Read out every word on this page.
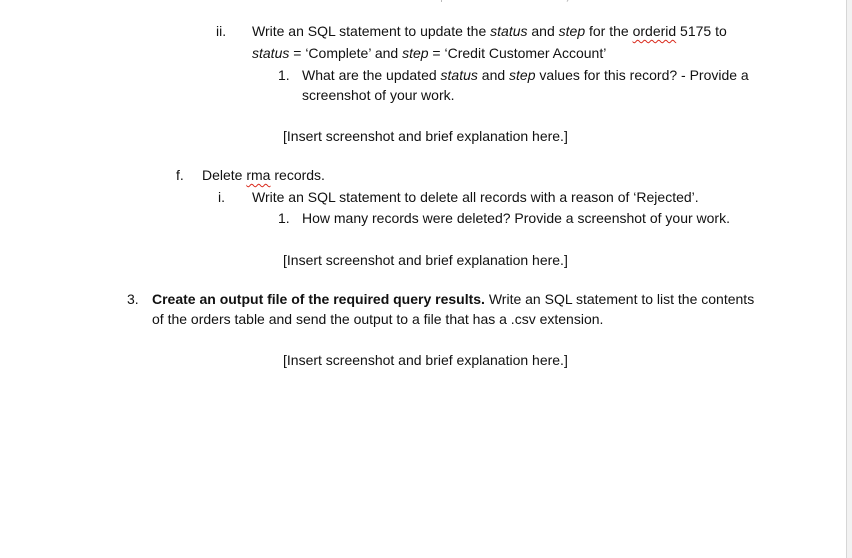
ii. Write an SQL statement to update the status and step for the orderid 5175 to
status = ‘Complete’ and step = ‘Credit Customer Account’
1. What are the updated status and step values for this record? - Provide a
screenshot of your work.
[Insert screenshot and brief explanation here.]
f. Delete rma records.
i. Write an SQL statement to delete all records with a reason of ‘Rejected’.
1. How many records were deleted? Provide a screenshot of your work.
[Insert screenshot and brief explanation here.]
3. Create an output file of the required query results. Write an SQL statement to list the contents
of the orders table and send the output to a file that has a .csv extension.
[Insert screenshot and brief explanation here.]
